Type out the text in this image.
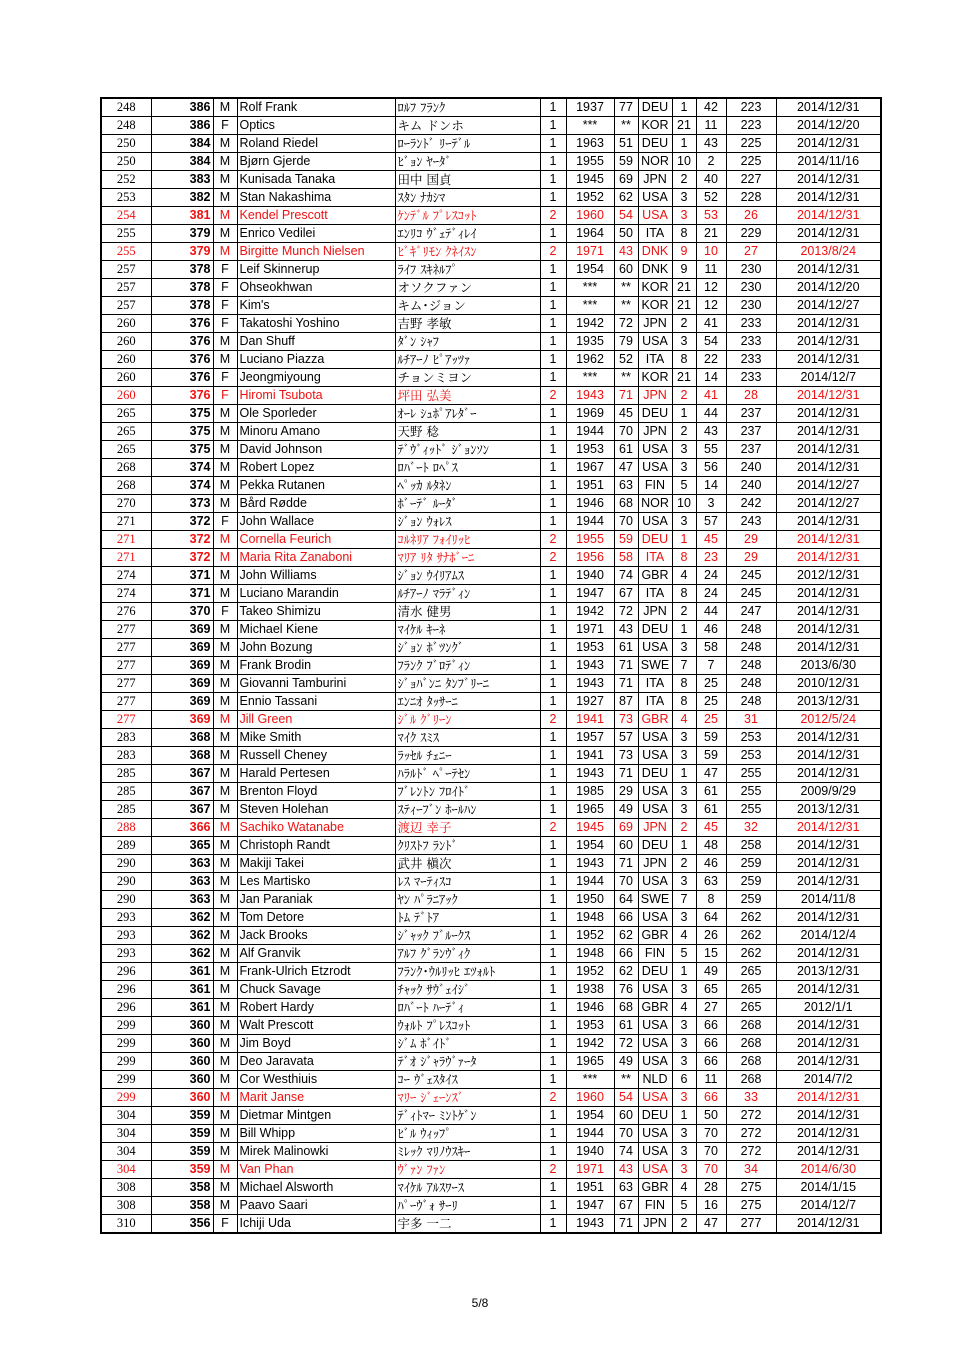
248	386	M	Rolf Frank	ﾛﾙﾌ ﾌﾗﾝｸ	1	1937	77	DEU	1	42	223	2014/12/31
248	386	F	Optics	キム ドンホ	1	***	**	KOR	21	11	223	2014/12/20
250	384	M	Roland Riedel	ﾛｰﾗﾝﾄﾞ ﾘｰﾃﾞﾙ	1	1963	51	DEU	1	43	225	2014/12/31
250	384	M	Bjørn Gjerde	ﾋﾞｮﾝ ﾔｰﾀﾞ	1	1955	59	NOR	10	2	225	2014/11/16
252	383	M	Kunisada Tanaka	田中 国貞	1	1945	69	JPN	2	40	227	2014/12/31
253	382	M	Stan Nakashima	ｽﾀﾝ ﾅｶｼﾏ	1	1952	62	USA	3	52	228	2014/12/31
254	381	M	Kendel Prescott	ｹﾝﾃﾞﾙ ﾌﾟﾚｽｺｯﾄ	2	1960	54	USA	3	53	26	2014/12/31
255	379	M	Enrico Vedilei	ｴﾝﾘｺ ｳﾞｪﾃﾞｨﾚｲ	1	1964	50	ITA	8	21	229	2014/12/31
255	379	M	Birgitte Munch Nielsen	ﾋﾞｷﾞﾘﾓﾝ ｸﾈｲｽﾝ	2	1971	43	DNK	9	10	27	2013/8/24
257	378	F	Leif Skinnerup	ﾗｲﾌ ｽｷﾈﾙﾌﾟ	1	1954	60	DNK	9	11	230	2014/12/31
257	378	F	Ohseokhwan	オソクファン	1	***	**	KOR	21	12	230	2014/12/20
257	378	F	Kim's	キム･ジョン	1	***	**	KOR	21	12	230	2014/12/27
260	376	F	Takatoshi Yoshino	吉野 孝敏	1	1942	72	JPN	2	41	233	2014/12/31
260	376	M	Dan Shuff	ﾀﾞﾝ ｼｬﾌ	1	1935	79	USA	3	54	233	2014/12/31
260	376	M	Luciano Piazza	ﾙﾁｱｰﾉ ﾋﾟｱｯﾂｧ	1	1962	52	ITA	8	22	233	2014/12/31
260	376	F	Jeongmiyoung	チョンミヨン	1	***	**	KOR	21	14	233	2014/12/7
260	376	F	Hiromi Tsubota	坪田 弘美	2	1943	71	JPN	2	41	28	2014/12/31
265	375	M	Ole Sporleder	ｵｰﾚ ｼｭﾎﾟｱﾚﾀﾞｰ	1	1969	45	DEU	1	44	237	2014/12/31
265	375	M	Minoru Amano	天野 稔	1	1944	70	JPN	2	43	237	2014/12/31
265	375	M	David Johnson	ﾃﾞｳﾞｨｯﾄﾞ ｼﾞｮﾝｿﾝ	1	1953	61	USA	3	55	237	2014/12/31
268	374	M	Robert Lopez	ﾛﾊﾞｰﾄ ﾛﾍﾟｽ	1	1967	47	USA	3	56	240	2014/12/31
268	374	M	Pekka Rutanen	ﾍﾟｯｶ ﾙﾀﾈﾝ	1	1951	63	FIN	5	14	240	2014/12/27
270	373	M	Bård Rødde	ﾎﾞｰﾃﾞ ﾙｰﾀﾞ	1	1946	68	NOR	10	3	242	2014/12/27
271	372	F	John Wallace	ｼﾞｮﾝ ｳｫﾚｽ	1	1944	70	USA	3	57	243	2014/12/31
271	372	M	Cornella Feurich	ｺﾙﾈﾘｱ ﾌｫｲﾘｯﾋ	2	1955	59	DEU	1	45	29	2014/12/31
271	372	M	Maria Rita Zanaboni	ﾏﾘｱ ﾘﾀ ｻﾅﾎﾞｰﾆ	2	1956	58	ITA	8	23	29	2014/12/31
274	371	M	John Williams	ｼﾞｮﾝ ｳｲﾘｱﾑｽ	1	1940	74	GBR	4	24	245	2012/12/31
274	371	M	Luciano Marandin	ﾙﾁｱｰﾉ ﾏﾗﾃﾞｨﾝ	1	1947	67	ITA	8	24	245	2014/12/31
276	370	F	Takeo Shimizu	清水 健男	1	1942	72	JPN	2	44	247	2014/12/31
277	369	M	Michael Kiene	ﾏｲｹﾙ ｷｰﾈ	1	1971	43	DEU	1	46	248	2014/12/31
277	369	M	John Bozung	ｼﾞｮﾝ ﾎﾞﾂﾝｸﾞ	1	1953	61	USA	3	58	248	2014/12/31
277	369	M	Frank Brodin	ﾌﾗﾝｸ ﾌﾞﾛﾃﾞｨﾝ	1	1943	71	SWE	7	7	248	2013/6/30
277	369	M	Giovanni Tamburini	ｼﾞｮﾊﾞﾝﾆ ﾀﾝﾌﾞﾘｰﾆ	1	1943	71	ITA	8	25	248	2010/12/31
277	369	M	Ennio Tassani	ｴﾝﾆｵ ﾀｯｻｰﾆ	1	1927	87	ITA	8	25	248	2013/12/31
277	369	M	Jill Green	ｼﾞﾙ ｸﾞﾘｰﾝ	2	1941	73	GBR	4	25	31	2012/5/24
283	368	M	Mike Smith	ﾏｲｸ ｽﾐｽ	1	1957	57	USA	3	59	253	2014/12/31
283	368	M	Russell Cheney	ﾗｯｾﾙ ﾁｪﾆｰ	1	1941	73	USA	3	59	253	2014/12/31
285	367	M	Harald Pertesen	ﾊﾗﾙﾄﾞ ﾍﾟｰﾃｾﾝ	1	1943	71	DEU	1	47	255	2014/12/31
285	367	M	Brenton Floyd	ﾌﾞﾚﾝﾄﾝ ﾌﾛｲﾄﾞ	1	1985	29	USA	3	61	255	2009/9/29
285	367	M	Steven Holehan	ｽﾃｨｰﾌﾞﾝ ﾎｰﾙﾊﾝ	1	1965	49	USA	3	61	255	2013/12/31
288	366	M	Sachiko Watanabe	渡辺 幸子	2	1945	69	JPN	2	45	32	2014/12/31
289	365	M	Christoph Randt	ｸﾘｽﾄﾌ ﾗﾝﾄﾞ	1	1954	60	DEU	1	48	258	2014/12/31
290	363	M	Makiji Takei	武井 槇次	1	1943	71	JPN	2	46	259	2014/12/31
290	363	M	Les Martisko	ﾚｽ ﾏｰﾃｨｽｺ	1	1944	70	USA	3	63	259	2014/12/31
290	363	M	Jan Paraniak	ﾔﾝ ﾊﾟﾗﾆｱｯｸ	1	1950	64	SWE	7	8	259	2014/11/8
293	362	M	Tom Detore	ﾄﾑ ﾃﾞﾄｱ	1	1948	66	USA	3	64	262	2014/12/31
293	362	M	Jack Brooks	ｼﾞｬｯｸ ﾌﾞﾙｰｸｽ	1	1952	62	GBR	4	26	262	2014/12/4
293	362	M	Alf Granvik	ｱﾙﾌ ｸﾞﾗﾝｳﾞｨｸ	1	1948	66	FIN	5	15	262	2014/12/31
296	361	M	Frank-Ulrich Etzrodt	ﾌﾗﾝｸ･ｳﾙﾘｯﾋ ｴﾂｫﾙﾄ	1	1952	62	DEU	1	49	265	2013/12/31
296	361	M	Chuck Savage	ﾁｬｯｸ ｻｳﾞｪｲｼﾞ	1	1938	76	USA	3	65	265	2014/12/31
296	361	M	Robert Hardy	ﾛﾊﾞｰﾄ ﾊｰﾃﾞｨ	1	1946	68	GBR	4	27	265	2012/1/1
299	360	M	Walt Prescott	ｳｫﾙﾄ ﾌﾟﾚｽｺｯﾄ	1	1953	61	USA	3	66	268	2014/12/31
299	360	M	Jim Boyd	ｼﾞﾑ ﾎﾞｲﾄﾞ	1	1942	72	USA	3	66	268	2014/12/31
299	360	M	Deo Jaravata	ﾃﾞｵ ｼﾞｬﾗｳﾞｧｰﾀ	1	1965	49	USA	3	66	268	2014/12/31
299	360	M	Cor Westhiuis	ｺｰ ｳﾞｪｽﾀｲｽ	1	***	**	NLD	6	11	268	2014/7/2
299	360	M	Marit Janse	ﾏﾘｰ ｼﾞｪｰﾝｽﾞ	2	1960	54	USA	3	66	33	2014/12/31
304	359	M	Dietmar Mintgen	ﾃﾞｨﾄﾏｰ ﾐﾝﾄｹﾞﾝ	1	1954	60	DEU	1	50	272	2014/12/31
304	359	M	Bill Whipp	ﾋﾞﾙ ｳｨｯﾌﾟ	1	1944	70	USA	3	70	272	2014/12/31
304	359	M	Mirek Malinowki	ﾐﾚｯｸ ﾏﾘﾉｳｽｷｰ	1	1940	74	USA	3	70	272	2014/12/31
304	359	M	Van Phan	ｳﾞｧﾝ ﾌｧﾝ	2	1971	43	USA	3	70	34	2014/6/30
308	358	M	Michael Alsworth	ﾏｲｹﾙ ｱﾙｽﾜｰｽ	1	1951	63	GBR	4	28	275	2014/1/15
308	358	M	Paavo Saari	ﾊﾟｰｳﾞｫ ｻｰﾘ	1	1947	67	FIN	5	16	275	2014/12/7
310	356	F	Ichiji Uda	宇多 一二	1	1943	71	JPN	2	47	277	2014/12/31
5/8
